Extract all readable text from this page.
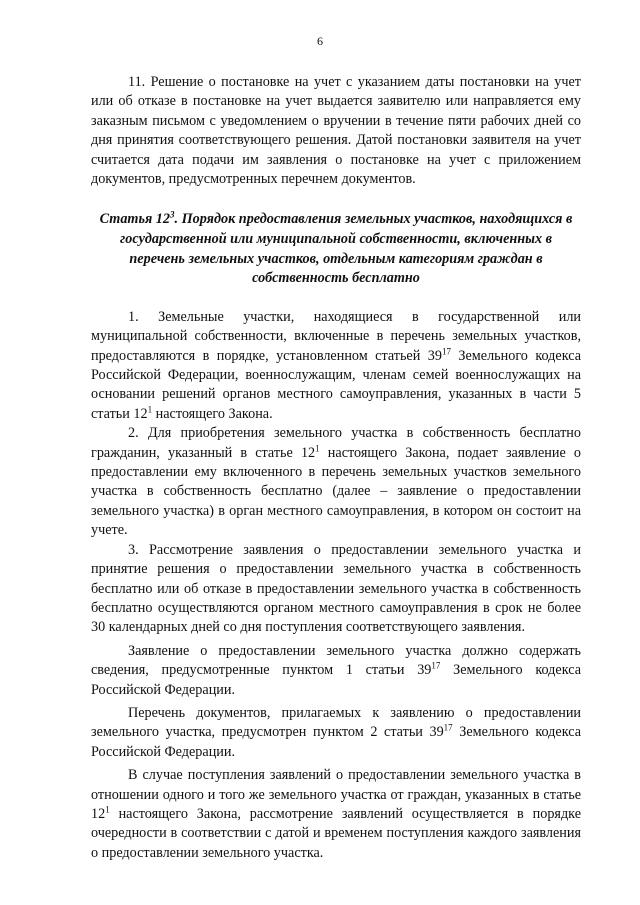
6

11. Решение о постановке на учет с указанием даты постановки на учет или об отказе в постановке на учет выдается заявителю или направляется ему заказным письмом с уведомлением о вручении в течение пяти рабочих дней со дня принятия соответствующего решения. Датой постановки заявителя на учет считается дата подачи им заявления о постановке на учет с приложением документов, предусмотренных перечнем документов.

Статья $12^3$. Порядок предоставления земельных участков, находящихся в государственной или муниципальной собственности, включенных в перечень земельных участков, отдельным категориям граждан в собственность бесплатно

1. Земельные участки, находящиеся в государственной или муниципальной собственности, включенные в перечень земельных участков, предоставляются в порядке, установленном статьей $39^{17}$ Земельного кодекса Российской Федерации, военнослужащим, членам семей военнослужащих на основании решений органов местного самоуправления, указанных в части 5 статьи $12^1$ настоящего Закона.

2. Для приобретения земельного участка в собственность бесплатно гражданин, указанный в статье $12^1$ настоящего Закона, подает заявление о предоставлении ему включенного в перечень земельных участков земельного участка в собственность бесплатно (далее – заявление о предоставлении земельного участка) в орган местного самоуправления, в котором он состоит на учете.

3. Рассмотрение заявления о предоставлении земельного участка и принятие решения о предоставлении земельного участка в собственность бесплатно или об отказе в предоставлении земельного участка в собственность бесплатно осуществляются органом местного самоуправления в срок не более 30 календарных дней со дня поступления соответствующего заявления.

Заявление о предоставлении земельного участка должно содержать сведения, предусмотренные пунктом 1 статьи $39^{17}$ Земельного кодекса Российской Федерации.

Перечень документов, прилагаемых к заявлению о предоставлении земельного участка, предусмотрен пунктом 2 статьи $39^{17}$ Земельного кодекса Российской Федерации.

В случае поступления заявлений о предоставлении земельного участка в отношении одного и того же земельного участка от граждан, указанных в статье $12^1$ настоящего Закона, рассмотрение заявлений осуществляется в порядке очередности в соответствии с датой и временем поступления каждого заявления о предоставлении земельного участка.
